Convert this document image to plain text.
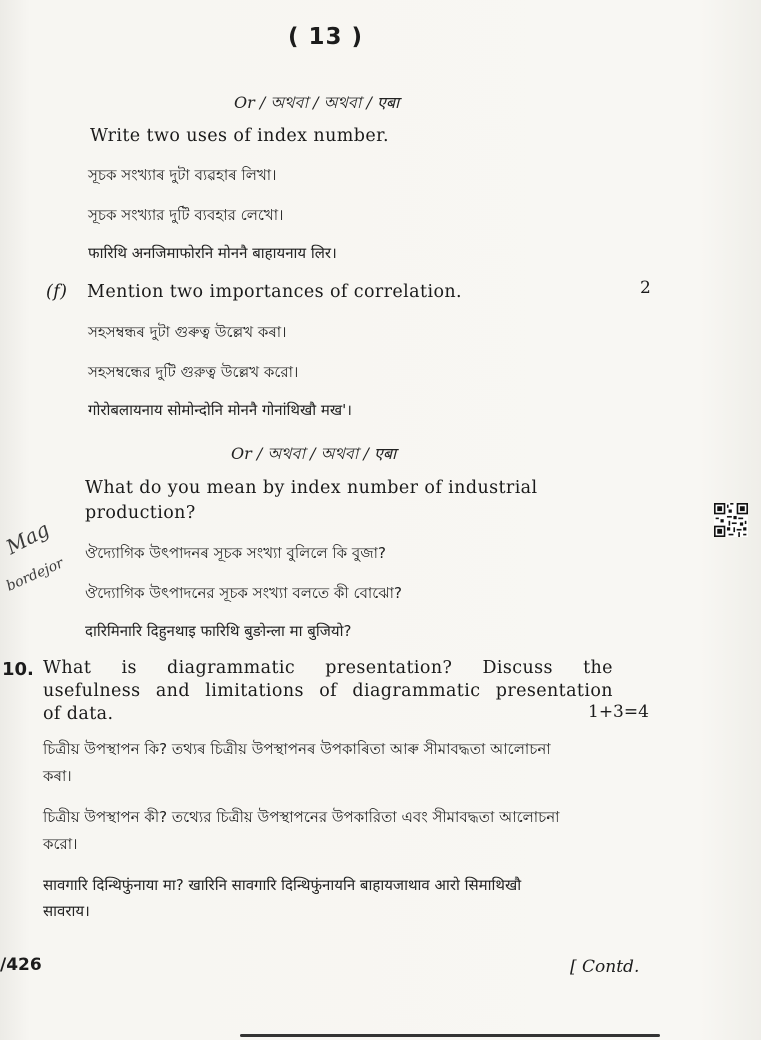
( 13 )
Or / অথবা / অথবা / एबा
Write two uses of index number.
সূচক সংখ্যাৰ দুটা ব্যৱহাৰ লিখা।
সূচক সংখ্যার দুটি ব্যবহার লেখো।
फारिथि अनजिमाफोरनि मोननै बाहायनाय लिर।
(f) Mention two importances of correlation.	2
সহসম্বন্ধৰ দুটা গুৰুত্ব উল্লেখ কৰা।
সহসম্বন্ধের দুটি গুরুত্ব উল্লেখ করো।
गोरोबलायनाय सोमोन्दोनि मोननै गोनांथिखौ मख'।
Or / অথবা / অথবা / एबा
What do you mean by index number of industrial
production?
ঔদ্যোগিক উৎপাদনৰ সূচক সংখ্যা বুলিলে কি বুজা?
ঔদ্যোগিক উৎপাদনের সূচক সংখ্যা বলতে কী বোঝো?
दारिमिनारि दिहुनथाइ फारिथि बुङोन्ला मा बुजियो?
Mag
bordejor
10. What is diagrammatic presentation? Discuss the
usefulness and limitations of diagrammatic presentation
of data.	1+3=4
চিত্ৰীয় উপস্থাপন কি? তথ্যৰ চিত্ৰীয় উপস্থাপনৰ উপকাৰিতা আৰু সীমাবদ্ধতা আলোচনা
কৰা।
চিত্রীয় উপস্থাপন কী? তথ্যের চিত্রীয় উপস্থাপনের উপকারিতা এবং সীমাবদ্ধতা আলোচনা
করো।
सावगारि दिन्थिफुंनाया मा? खारिनि सावगारि दिन्थिफुंनायनि बाहायजाथाव आरो सिमाथिखौ
सावराय।
/426	[ Contd.
